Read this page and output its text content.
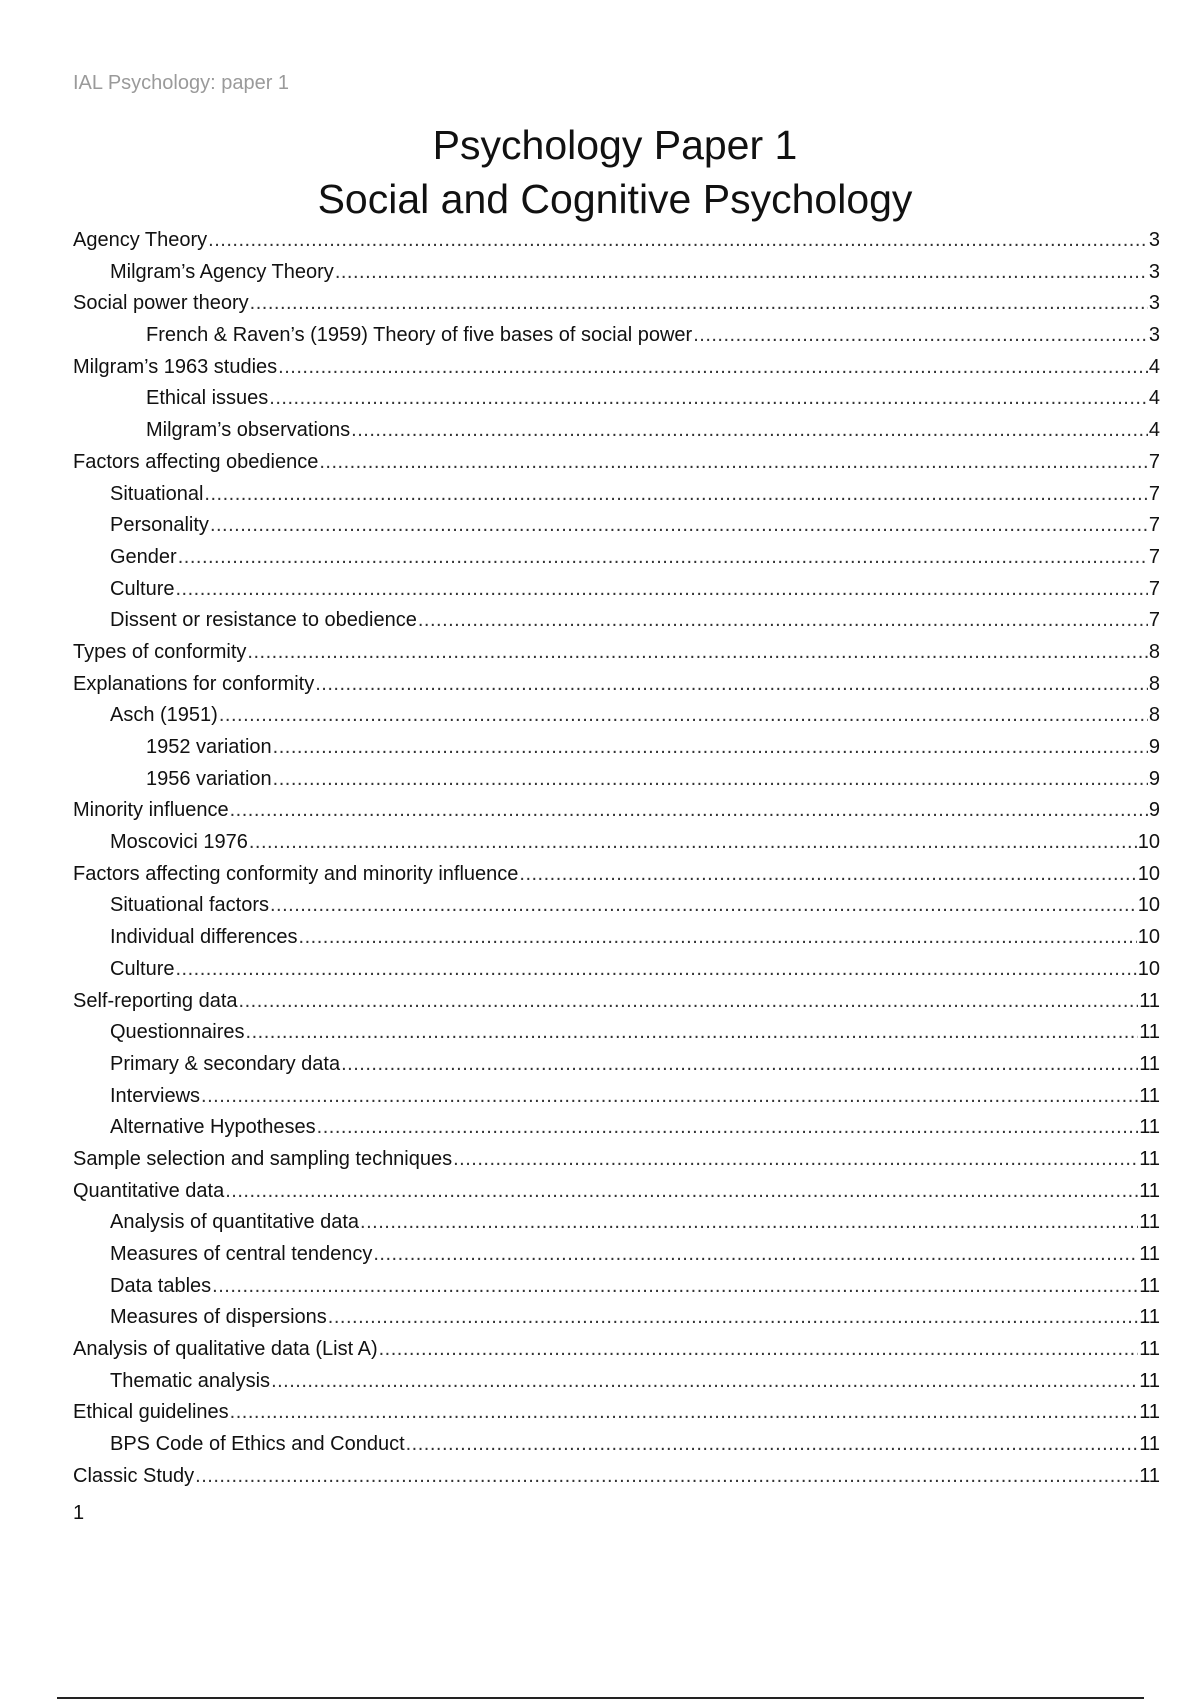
IAL Psychology: paper 1
Psychology Paper 1
Social and Cognitive Psychology
Agency Theory .....	3
Milgram’s Agency Theory .....	3
Social power theory .....	3
French & Raven’s (1959) Theory of five bases of social power .....	3
Milgram’s 1963 studies .....	4
Ethical issues .....	4
Milgram’s observations .....	4
Factors affecting obedience .....	7
Situational .....	7
Personality .....	7
Gender .....	7
Culture .....	7
Dissent or resistance to obedience .....	7
Types of conformity .....	8
Explanations for conformity .....	8
Asch (1951) .....	8
1952 variation .....	9
1956 variation .....	9
Minority influence .....	9
Moscovici 1976 .....	10
Factors affecting conformity and minority influence .....	10
Situational factors .....	10
Individual differences .....	10
Culture .....	10
Self-reporting data .....	11
Questionnaires .....	11
Primary & secondary data .....	11
Interviews .....	11
Alternative Hypotheses .....	11
Sample selection and sampling techniques .....	11
Quantitative data .....	11
Analysis of quantitative data .....	11
Measures of central tendency .....	11
Data tables .....	11
Measures of dispersions .....	11
Analysis of qualitative data (List A) .....	11
Thematic analysis .....	11
Ethical guidelines .....	11
BPS Code of Ethics and Conduct .....	11
Classic Study .....	11
1
